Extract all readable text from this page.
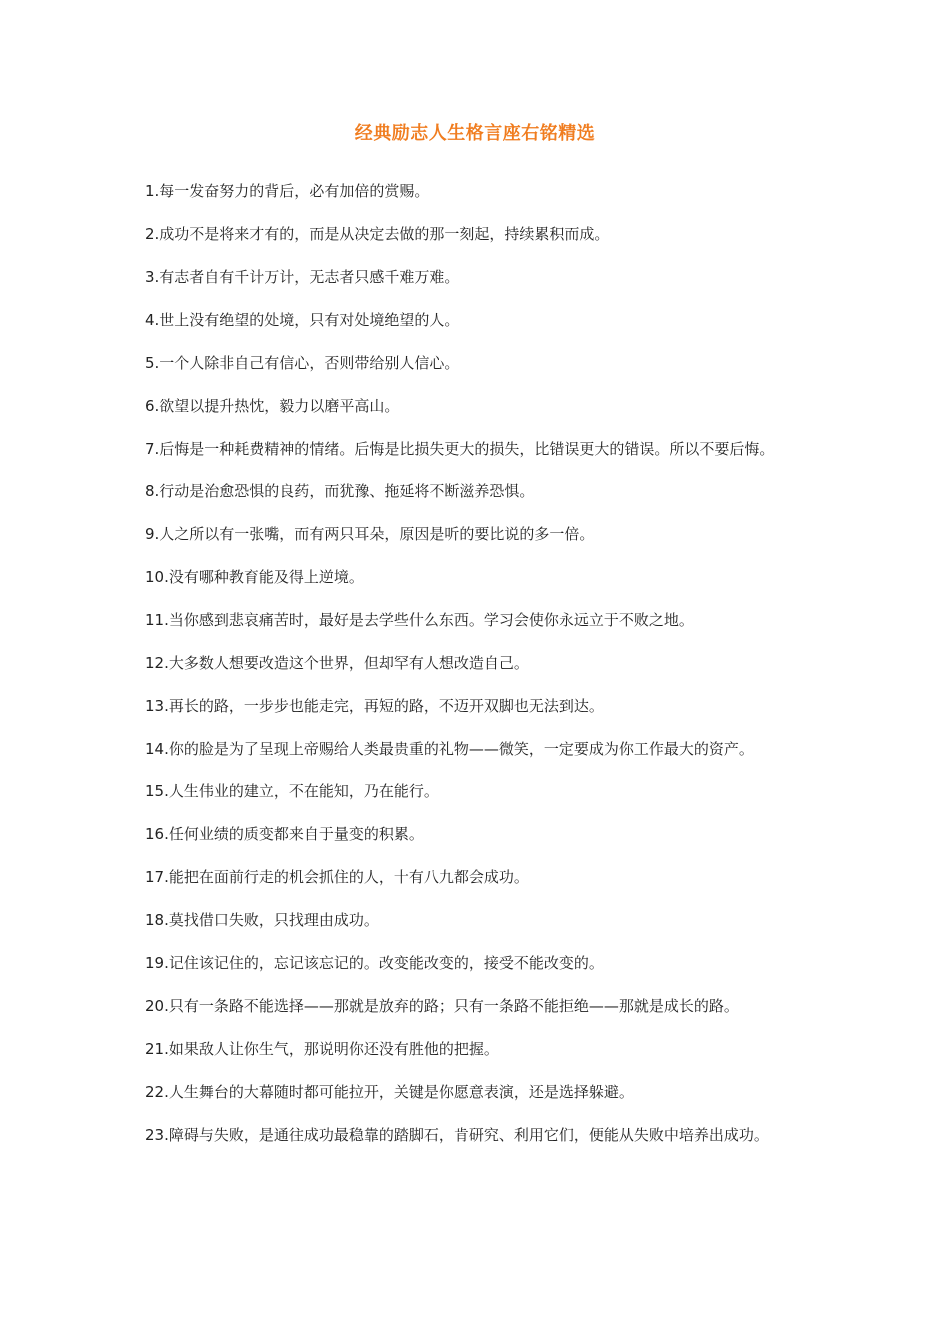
经典励志人生格言座右铭精选
1.每一发奋努力的背后，必有加倍的赏赐。
2.成功不是将来才有的，而是从决定去做的那一刻起，持续累积而成。
3.有志者自有千计万计，无志者只感千难万难。
4.世上没有绝望的处境，只有对处境绝望的人。
5.一个人除非自己有信心，否则带给别人信心。
6.欲望以提升热忱，毅力以磨平高山。
7.后悔是一种耗费精神的情绪。后悔是比损失更大的损失，比错误更大的错误。所以不要后悔。
8.行动是治愈恐惧的良药，而犹豫、拖延将不断滋养恐惧。
9.人之所以有一张嘴，而有两只耳朵，原因是听的要比说的多一倍。
10.没有哪种教育能及得上逆境。
11.当你感到悲哀痛苦时，最好是去学些什么东西。学习会使你永远立于不败之地。
12.大多数人想要改造这个世界，但却罕有人想改造自己。
13.再长的路，一步步也能走完，再短的路，不迈开双脚也无法到达。
14.你的脸是为了呈现上帝赐给人类最贵重的礼物——微笑，一定要成为你工作最大的资产。
15.人生伟业的建立，不在能知，乃在能行。
16.任何业绩的质变都来自于量变的积累。
17.能把在面前行走的机会抓住的人，十有八九都会成功。
18.莫找借口失败，只找理由成功。
19.记住该记住的，忘记该忘记的。改变能改变的，接受不能改变的。
20.只有一条路不能选择——那就是放弃的路；只有一条路不能拒绝——那就是成长的路。
21.如果敌人让你生气，那说明你还没有胜他的把握。
22.人生舞台的大幕随时都可能拉开，关键是你愿意表演，还是选择躲避。
23.障碍与失败，是通往成功最稳靠的踏脚石，肯研究、利用它们，便能从失败中培养出成功。
